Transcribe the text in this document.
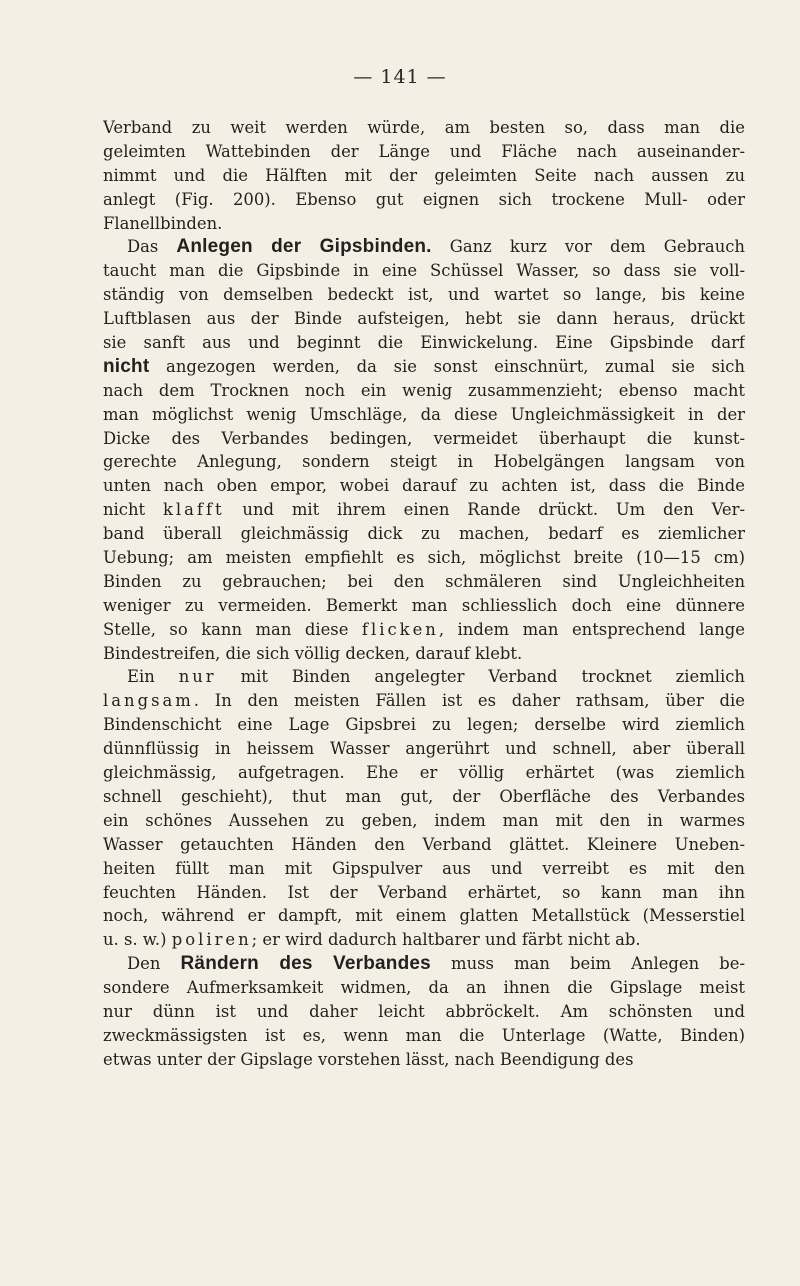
— 141 —
Verband zu weit werden würde, am besten so, dass man die
geleimten Wattebinden der Länge und Fläche nach auseinander-
nimmt und die Hälften mit der geleimten Seite nach aussen zu
anlegt (Fig. 200). Ebenso gut eignen sich trockene Mull- oder
Flanellbinden.
Das Anlegen der Gipsbinden. Ganz kurz vor dem Gebrauch
taucht man die Gipsbinde in eine Schüssel Wasser, so dass sie voll-
ständig von demselben bedeckt ist, und wartet so lange, bis keine
Luftblasen aus der Binde aufsteigen, hebt sie dann heraus, drückt
sie sanft aus und beginnt die Einwickelung. Eine Gipsbinde darf
nicht angezogen werden, da sie sonst einschnürt, zumal sie sich
nach dem Trocknen noch ein wenig zusammenzieht; ebenso macht
man möglichst wenig Umschläge, da diese Ungleichmässigkeit in der
Dicke des Verbandes bedingen, vermeidet überhaupt die kunst-
gerechte Anlegung, sondern steigt in Hobelgängen langsam von
unten nach oben empor, wobei darauf zu achten ist, dass die Binde
nicht klafft und mit ihrem einen Rande drückt. Um den Ver-
band überall gleichmässig dick zu machen, bedarf es ziemlicher
Uebung; am meisten empfiehlt es sich, möglichst breite (10—15 cm)
Binden zu gebrauchen; bei den schmäleren sind Ungleichheiten
weniger zu vermeiden. Bemerkt man schliesslich doch eine dünnere
Stelle, so kann man diese flicken, indem man entsprechend lange
Bindestreifen, die sich völlig decken, darauf klebt.
Ein nur mit Binden angelegter Verband trocknet ziemlich
langsam. In den meisten Fällen ist es daher rathsam, über die
Bindenschicht eine Lage Gipsbrei zu legen; derselbe wird ziemlich
dünnflüssig in heissem Wasser angerührt und schnell, aber überall
gleichmässig, aufgetragen. Ehe er völlig erhärtet (was ziemlich
schnell geschieht), thut man gut, der Oberfläche des Verbandes
ein schönes Aussehen zu geben, indem man mit den in warmes
Wasser getauchten Händen den Verband glättet. Kleinere Uneben-
heiten füllt man mit Gipspulver aus und verreibt es mit den
feuchten Händen. Ist der Verband erhärtet, so kann man ihn
noch, während er dampft, mit einem glatten Metallstück (Messerstiel
u. s. w.) poliren; er wird dadurch haltbarer und färbt nicht ab.
Den Rändern des Verbandes muss man beim Anlegen be-
sondere Aufmerksamkeit widmen, da an ihnen die Gipslage meist
nur dünn ist und daher leicht abbröckelt. Am schönsten und
zweckmässigsten ist es, wenn man die Unterlage (Watte, Binden)
etwas unter der Gipslage vorstehen lässt, nach Beendigung des
